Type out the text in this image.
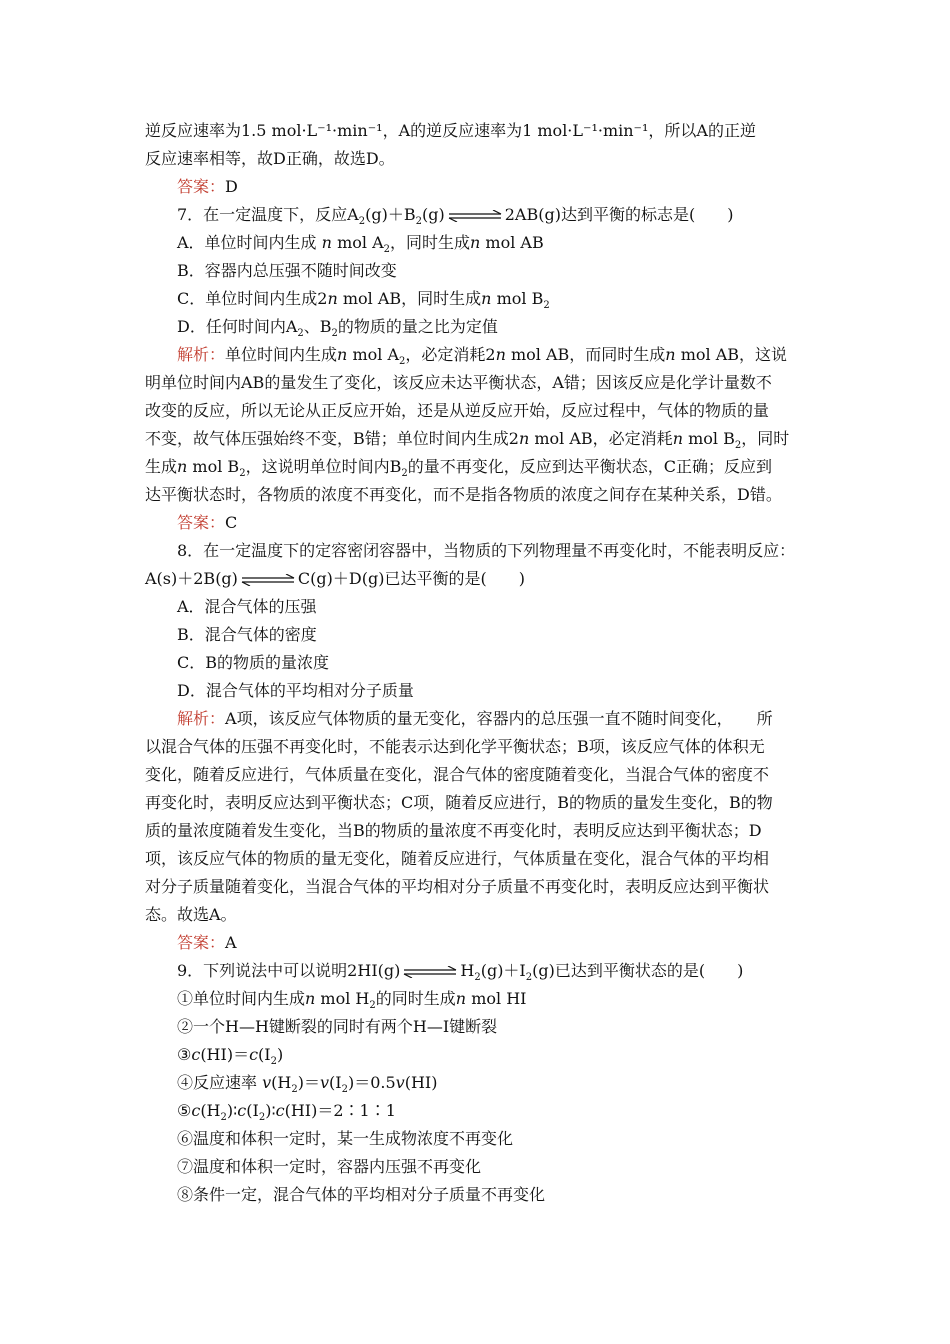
逆反应速率为1.5 mol·L⁻¹·min⁻¹，A的逆反应速率为1 mol·L⁻¹·min⁻¹，所以A的正逆
反应速率相等，故D正确，故选D。
答案：D
7．在一定温度下，反应$A_2(g)+B_2(g)$ ⇌ 2AB(g)达到平衡的标志是(　　)
A．单位时间内生成 n mol $A_2$，同时生成n mol AB
B．容器内总压强不随时间改变
C．单位时间内生成2n mol AB，同时生成n mol $B_2$
D．任何时间内$A_2$、$B_2$的物质的量之比为定值
解析：单位时间内生成n mol $A_2$，必定消耗2n mol AB，而同时生成n mol AB，这说
明单位时间内AB的量发生了变化，该反应未达平衡状态，A错；因该反应是化学计量数不
改变的反应，所以无论从正反应开始，还是从逆反应开始，反应过程中，气体的物质的量
不变，故气体压强始终不变，B错；单位时间内生成2n mol AB，必定消耗n mol $B_2$，同时
生成n mol $B_2$，这说明单位时间内$B_2$的量不再变化，反应到达平衡状态，C正确；反应到
达平衡状态时，各物质的浓度不再变化，而不是指各物质的浓度之间存在某种关系，D错。
答案：C
8．在一定温度下的定容密闭容器中，当物质的下列物理量不再变化时，不能表明反应：
A(s)＋2B(g) ⇌ C(g)＋D(g)已达平衡的是(　　)
A．混合气体的压强
B．混合气体的密度
C．B的物质的量浓度
D．混合气体的平均相对分子质量
解析：A项，该反应气体物质的量无变化，容器内的总压强一直不随时间变化，　　所
以混合气体的压强不再变化时，不能表示达到化学平衡状态；B项，该反应气体的体积无
变化，随着反应进行，气体质量在变化，混合气体的密度随着变化，当混合气体的密度不
再变化时，表明反应达到平衡状态；C项，随着反应进行，B的物质的量发生变化，B的物
质的量浓度随着发生变化，当B的物质的量浓度不再变化时，表明反应达到平衡状态；D
项，该反应气体的物质的量无变化，随着反应进行，气体质量在变化，混合气体的平均相
对分子质量随着变化，当混合气体的平均相对分子质量不再变化时，表明反应达到平衡状
态。故选A。
答案：A
9．下列说法中可以说明2HI(g) ⇌ $H_2(g)+I_2(g)$已达到平衡状态的是(　　)
①单位时间内生成n mol $H_2$的同时生成n mol HI
②一个H—H键断裂的同时有两个H—I键断裂
$③c(HI)=c(I_2)$
④反应速率 $v(H_2)=v(I_2)=0.5v(HI)$
$⑤c(H_2)∶c(I_2)∶c(HI)=2∶1∶1$
⑥温度和体积一定时，某一生成物浓度不再变化
⑦温度和体积一定时，容器内压强不再变化
⑧条件一定，混合气体的平均相对分子质量不再变化
